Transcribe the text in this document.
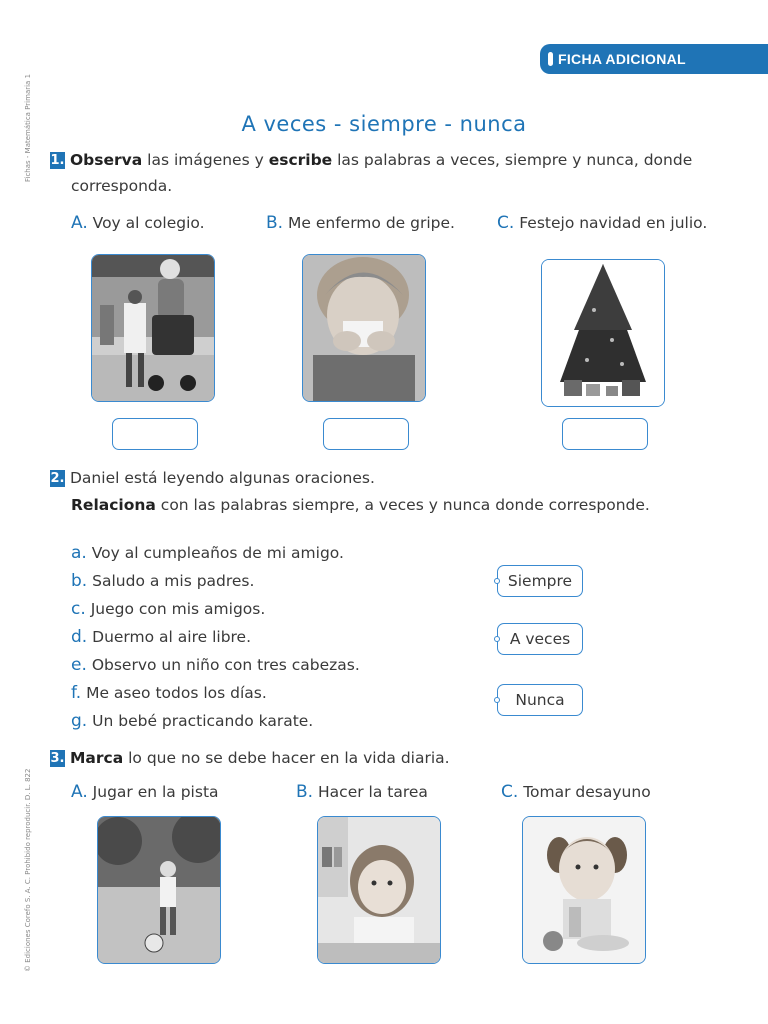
Fichas - Matemática Primaria 1
© Ediciones Corefo S. A. C. Prohibido reproducir. D. L. 822
FICHA ADICIONAL
A veces - siempre - nunca
1. Observa las imágenes y escribe las palabras a veces, siempre y nunca, donde
corresponda.
A. Voy al colegio.	B. Me enfermo de gripe. C. Festejo navidad en julio.
2. Daniel está leyendo algunas oraciones.
Relaciona con las palabras siempre, a veces y nunca donde corresponde.
a. Voy al cumpleaños de mi amigo.
b. Saludo a mis padres.
c. Juego con mis amigos.
d. Duermo al aire libre.
e. Observo un niño con tres cabezas.
f. Me aseo todos los días.
g. Un bebé practicando karate.
Siempre
A veces
Nunca
3. Marca lo que no se debe hacer en la vida diaria.
A. Jugar en la pista	B. Hacer la tarea	C. Tomar desayuno
